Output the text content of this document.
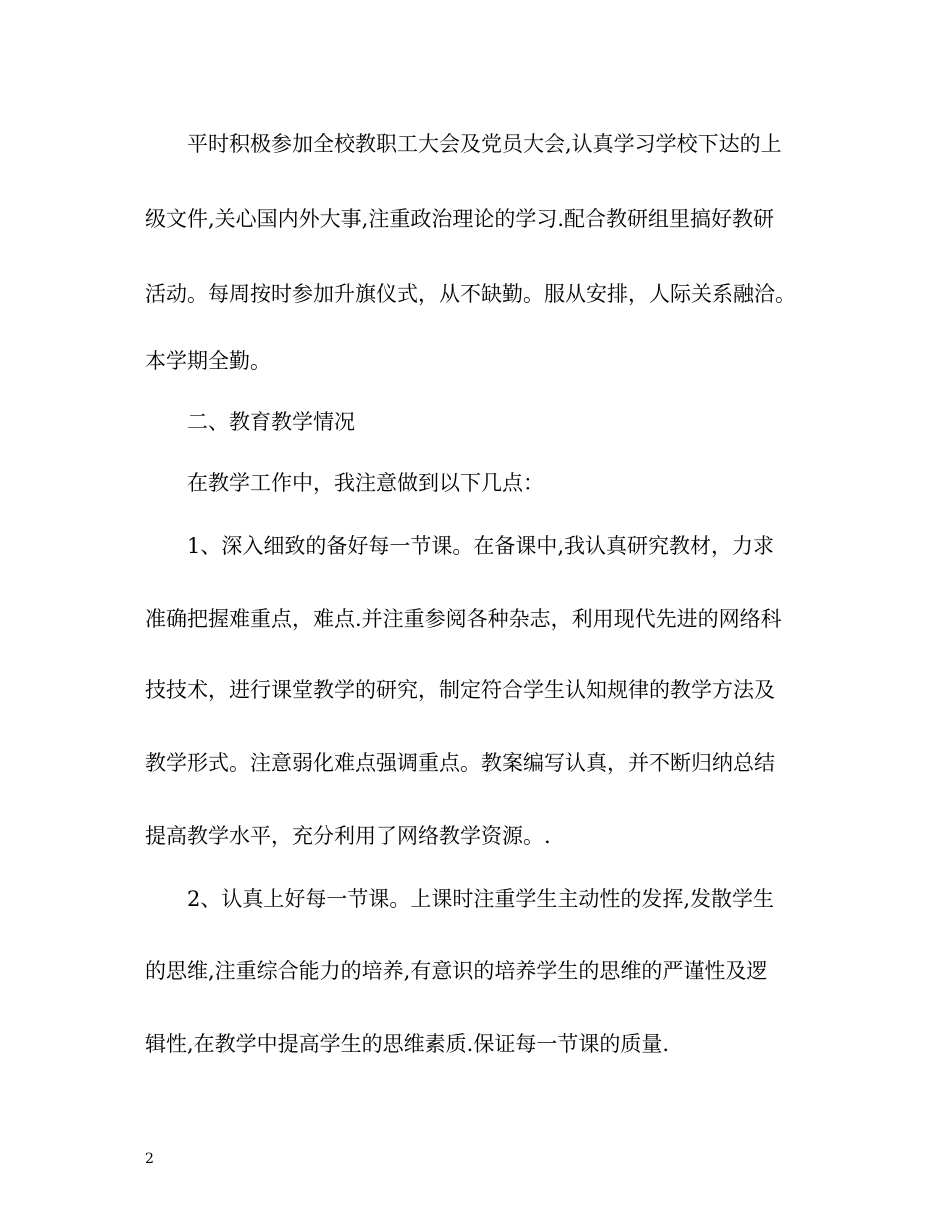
平时积极参加全校教职工大会及党员大会,认真学习学校下达的上
级文件,关心国内外大事,注重政治理论的学习.配合教研组里搞好教研
活动。每周按时参加升旗仪式，从不缺勤。服从安排，人际关系融洽。
本学期全勤。
二、教育教学情况
在教学工作中，我注意做到以下几点：
1、深入细致的备好每一节课。在备课中,我认真研究教材，力求
准确把握难重点，难点.并注重参阅各种杂志，利用现代先进的网络科
技技术，进行课堂教学的研究，制定符合学生认知规律的教学方法及
教学形式。注意弱化难点强调重点。教案编写认真，并不断归纳总结
提高教学水平，充分利用了网络教学资源。.
2、认真上好每一节课。上课时注重学生主动性的发挥,发散学生
的思维,注重综合能力的培养,有意识的培养学生的思维的严谨性及逻
辑性,在教学中提高学生的思维素质.保证每一节课的质量.
2
